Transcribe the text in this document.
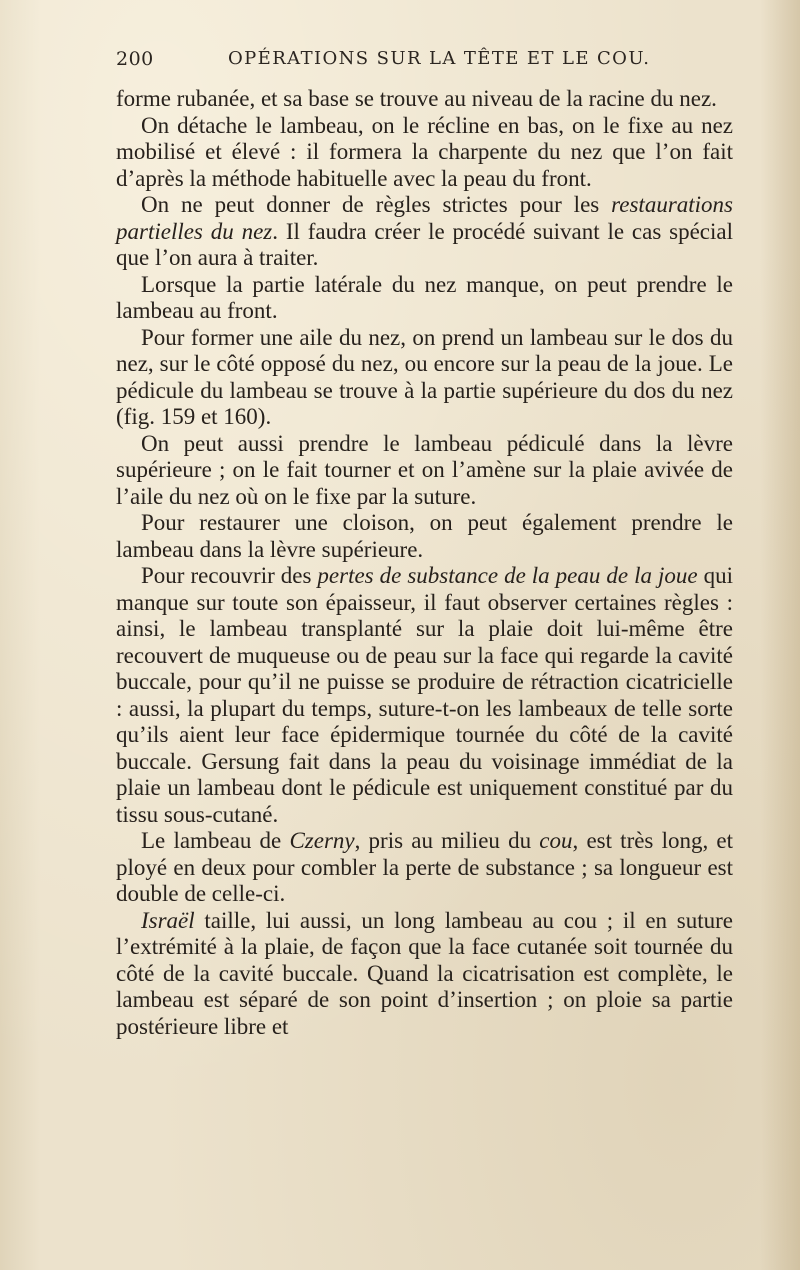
200	OPÉRATIONS SUR LA TÊTE ET LE COU.

forme rubanée, et sa base se trouve au niveau de la racine du nez.

On détache le lambeau, on le récline en bas, on le fixe au nez mobilisé et élevé : il formera la charpente du nez que l’on fait d’après la méthode habituelle avec la peau du front.

On ne peut donner de règles strictes pour les restaurations partielles du nez. Il faudra créer le procédé suivant le cas spécial que l’on aura à traiter.

Lorsque la partie latérale du nez manque, on peut prendre le lambeau au front.

Pour former une aile du nez, on prend un lambeau sur le dos du nez, sur le côté opposé du nez, ou encore sur la peau de la joue. Le pédicule du lambeau se trouve à la partie supérieure du dos du nez (fig. 159 et 160).

On peut aussi prendre le lambeau pédiculé dans la lèvre supérieure ; on le fait tourner et on l’amène sur la plaie avivée de l’aile du nez où on le fixe par la suture.

Pour restaurer une cloison, on peut également prendre le lambeau dans la lèvre supérieure.

Pour recouvrir des pertes de substance de la peau de la joue qui manque sur toute son épaisseur, il faut observer certaines règles : ainsi, le lambeau transplanté sur la plaie doit lui-même être recouvert de muqueuse ou de peau sur la face qui regarde la cavité buccale, pour qu’il ne puisse se produire de rétraction cicatricielle : aussi, la plupart du temps, suture-t-on les lambeaux de telle sorte qu’ils aient leur face épidermique tournée du côté de la cavité buccale. Gersung fait dans la peau du voisinage immédiat de la plaie un lambeau dont le pédicule est uniquement constitué par du tissu sous-cutané.

Le lambeau de Czerny, pris au milieu du cou, est très long, et ployé en deux pour combler la perte de substance ; sa longueur est double de celle-ci.

Israël taille, lui aussi, un long lambeau au cou ; il en suture l’extrémité à la plaie, de façon que la face cutanée soit tournée du côté de la cavité buccale. Quand la cicatrisation est complète, le lambeau est séparé de son point d’insertion ; on ploie sa partie postérieure libre et
